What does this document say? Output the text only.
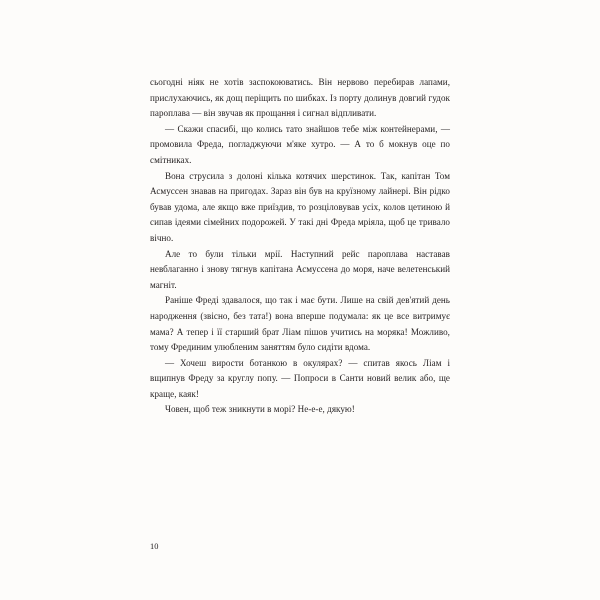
сьогодні ніяк не хотів заспокоюватись. Він нервово перебирав лапами, прислухаючись, як дощ періщить по шибках. Із порту долинув довгий гудок пароплава — він звучав як прощання і сигнал відпливати.

— Скажи спасибі, що колись тато знайшов тебе між контейнерами, — промовила Фреда, погладжуючи м'яке хутро. — А то б мокнув оце по смітниках.

Вона струсила з долоні кілька котячих шерстинок. Так, капітан Том Асмуссен знавав на пригодах. Зараз він був на круїзному лайнері. Він рідко бував удома, але якщо вже приїздив, то розціловував усіх, колов цетиною й сипав ідеями сімейних подорожей. У такі дні Фреда мріяла, щоб це тривало вічно.

Але то були тільки мрії. Наступний рейс пароплава наставав невблаганно і знову тягнув капітана Асмуссена до моря, наче велетенський магніт.

Раніше Фреді здавалося, що так і має бути. Лише на свій дев'ятий день народження (звісно, без тата!) вона вперше подумала: як це все витримує мама? А тепер і її старший брат Ліам пішов учитись на моряка! Можливо, тому Фрединим улюбленим заняттям було сидіти вдома.

— Хочеш вирости ботанкою в окулярах? — спитав якось Ліам і вщипнув Фреду за круглу попу. — Попроси в Санти новий велик або, ще краще, каяк!

Човен, щоб теж зникнути в морі? Не-е-е, дякую!

10
